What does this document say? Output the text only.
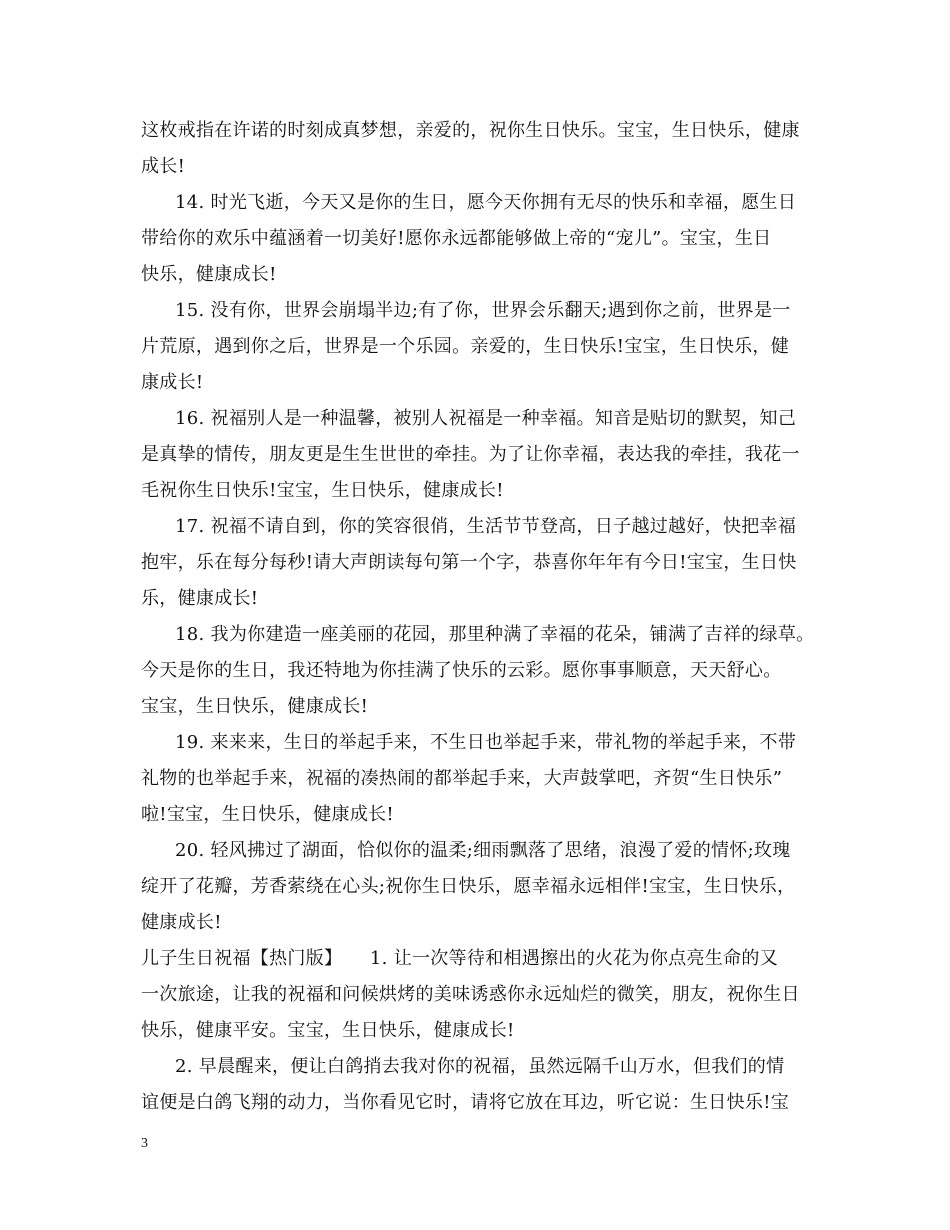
这枚戒指在许诺的时刻成真梦想，亲爱的，祝你生日快乐。宝宝，生日快乐，健康
成长!
14. 时光飞逝，今天又是你的生日，愿今天你拥有无尽的快乐和幸福，愿生日
带给你的欢乐中蕴涵着一切美好!愿你永远都能够做上帝的“宠儿”。宝宝，生日
快乐，健康成长!
15. 没有你，世界会崩塌半边;有了你，世界会乐翻天;遇到你之前，世界是一
片荒原，遇到你之后，世界是一个乐园。亲爱的，生日快乐!宝宝，生日快乐，健
康成长!
16. 祝福别人是一种温馨，被别人祝福是一种幸福。知音是贴切的默契，知己
是真挚的情传，朋友更是生生世世的牵挂。为了让你幸福，表达我的牵挂，我花一
毛祝你生日快乐!宝宝，生日快乐，健康成长!
17. 祝福不请自到，你的笑容很俏，生活节节登高，日子越过越好，快把幸福
抱牢，乐在每分每秒!请大声朗读每句第一个字，恭喜你年年有今日!宝宝，生日快
乐，健康成长!
18. 我为你建造一座美丽的花园，那里种满了幸福的花朵，铺满了吉祥的绿草。
今天是你的生日，我还特地为你挂满了快乐的云彩。愿你事事顺意，天天舒心。
宝宝，生日快乐，健康成长!
19. 来来来，生日的举起手来，不生日也举起手来，带礼物的举起手来，不带
礼物的也举起手来，祝福的凑热闹的都举起手来，大声鼓掌吧，齐贺“生日快乐”
啦!宝宝，生日快乐，健康成长!
20. 轻风拂过了湖面，恰似你的温柔;细雨飘落了思绪，浪漫了爱的情怀;玫瑰
绽开了花瓣，芳香萦绕在心头;祝你生日快乐，愿幸福永远相伴!宝宝，生日快乐，
健康成长!
儿子生日祝福【热门版】　　1. 让一次等待和相遇擦出的火花为你点亮生命的又
一次旅途，让我的祝福和问候烘烤的美味诱惑你永远灿烂的微笑，朋友，祝你生日
快乐，健康平安。宝宝，生日快乐，健康成长!
2. 早晨醒来，便让白鸽捎去我对你的祝福，虽然远隔千山万水，但我们的情
谊便是白鸽飞翔的动力，当你看见它时，请将它放在耳边，听它说：生日快乐!宝
3
